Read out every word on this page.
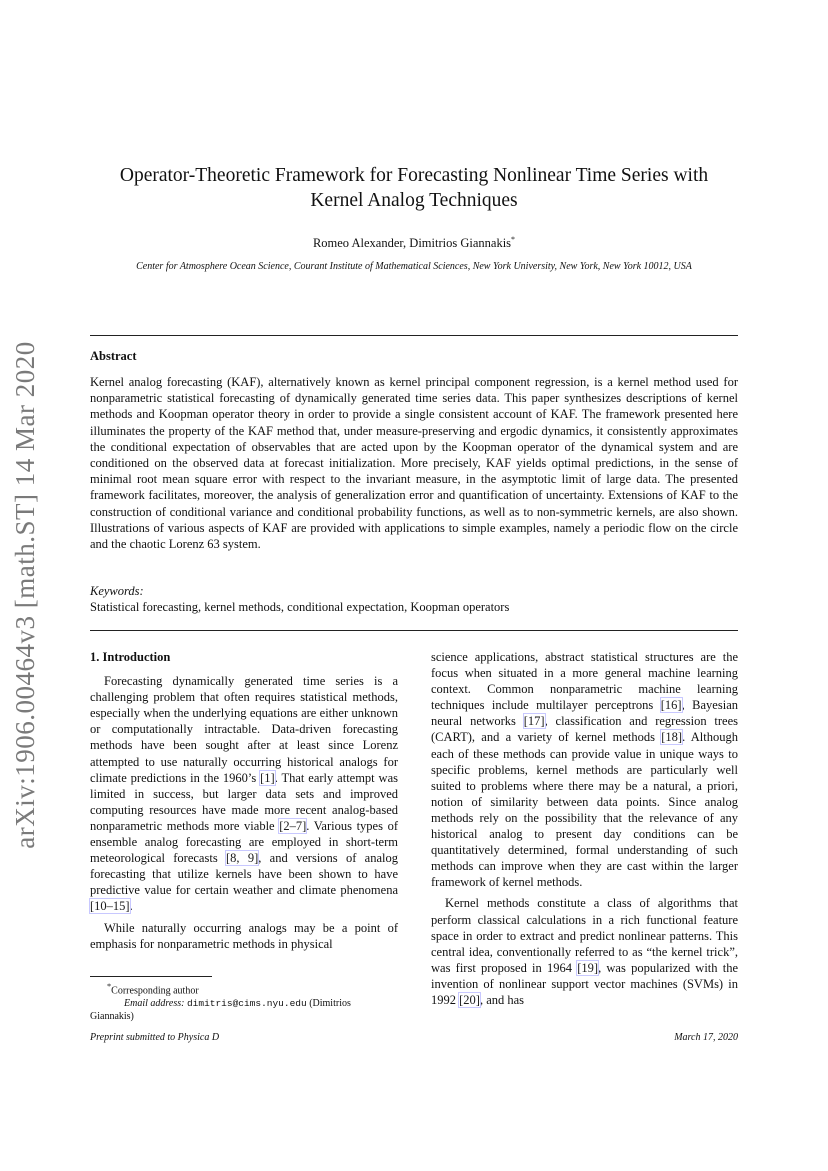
arXiv:1906.00464v3 [math.ST] 14 Mar 2020
Operator-Theoretic Framework for Forecasting Nonlinear Time Series with
Kernel Analog Techniques
Romeo Alexander, Dimitrios Giannakis*
Center for Atmosphere Ocean Science, Courant Institute of Mathematical Sciences, New York University, New York, New York 10012, USA
Abstract
Kernel analog forecasting (KAF), alternatively known as kernel principal component regression, is a kernel method used for nonparametric statistical forecasting of dynamically generated time series data. This paper synthesizes descriptions of kernel methods and Koopman operator theory in order to provide a single consistent account of KAF. The framework presented here illuminates the property of the KAF method that, under measure-preserving and ergodic dynamics, it consistently approximates the conditional expectation of observables that are acted upon by the Koopman operator of the dynamical system and are conditioned on the observed data at forecast initialization. More precisely, KAF yields optimal predictions, in the sense of minimal root mean square error with respect to the invariant measure, in the asymptotic limit of large data. The presented framework facilitates, moreover, the analysis of generalization error and quantification of uncertainty. Extensions of KAF to the construction of conditional variance and conditional probability functions, as well as to non-symmetric kernels, are also shown. Illustrations of various aspects of KAF are provided with applications to simple examples, namely a periodic flow on the circle and the chaotic Lorenz 63 system.
Keywords:
Statistical forecasting, kernel methods, conditional expectation, Koopman operators
1. Introduction

Forecasting dynamically generated time series is a challenging problem that often requires statistical methods, especially when the underlying equations are either unknown or computationally intractable. Data-driven forecasting methods have been sought after at least since Lorenz attempted to use naturally occurring historical analogs for climate predictions in the 1960’s [1]. That early attempt was limited in success, but larger data sets and improved computing resources have made more recent analog-based nonparametric methods more viable [2–7]. Various types of ensemble analog forecasting are employed in short-term meteorological forecasts [8, 9], and versions of analog forecasting that utilize kernels have been shown to have predictive value for certain weather and climate phenomena [10–15].

While naturally occurring analogs may be a point of emphasis for nonparametric methods in physical

science applications, abstract statistical structures are the focus when situated in a more general machine learning context. Common nonparametric machine learning techniques include multilayer perceptrons [16], Bayesian neural networks [17], classification and regression trees (CART), and a variety of kernel methods [18]. Although each of these methods can provide value in unique ways to specific problems, kernel methods are particularly well suited to problems where there may be a natural, a priori, notion of similarity between data points. Since analog methods rely on the possibility that the relevance of any historical analog to present day conditions can be quantitatively determined, formal understanding of such methods can improve when they are cast within the larger framework of kernel methods.

Kernel methods constitute a class of algorithms that perform classical calculations in a rich functional feature space in order to extract and predict nonlinear patterns. This central idea, conventionally referred to as “the kernel trick”, was first proposed in 1964 [19], was popularized with the invention of nonlinear support vector machines (SVMs) in 1992 [20], and has

*Corresponding author
Email address: dimitris@cims.nyu.edu (Dimitrios Giannakis)
Preprint submitted to Physica D	March 17, 2020
